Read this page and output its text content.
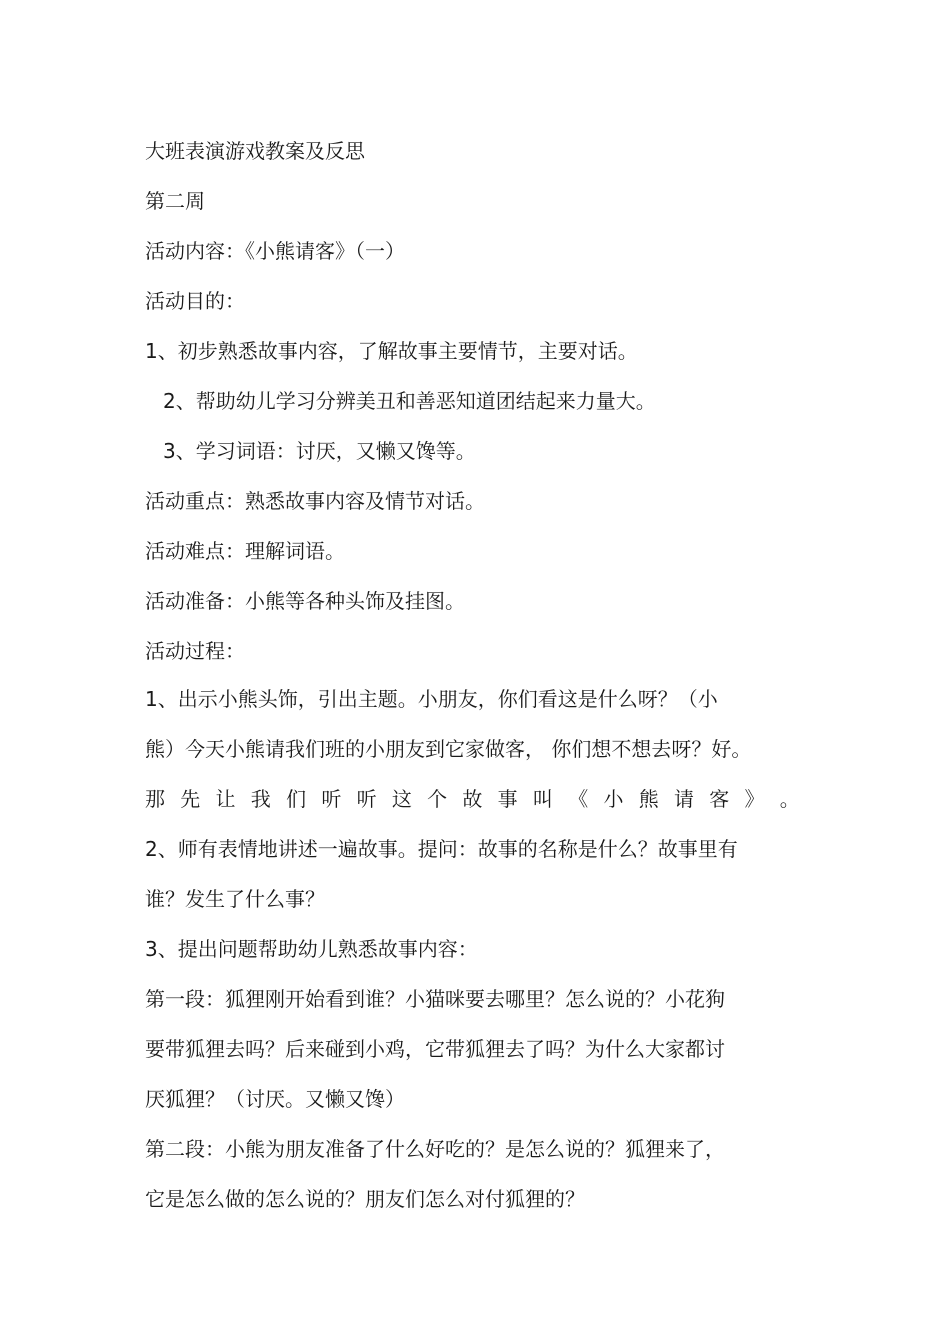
大班表演游戏教案及反思
第二周
活动内容：《小熊请客》（一）
活动目的：
1、初步熟悉故事内容，了解故事主要情节，主要对话。
2、帮助幼儿学习分辨美丑和善恶知道团结起来力量大。
3、学习词语：讨厌，又懒又馋等。
活动重点：熟悉故事内容及情节对话。
活动难点：理解词语。
活动准备：小熊等各种头饰及挂图。
活动过程：
1、出示小熊头饰，引出主题。小朋友，你们看这是什么呀？（小
熊）今天小熊请我们班的小朋友到它家做客， 你们想不想去呀？好。
那 先 让 我 们 听 听 这 个 故 事 叫 《 小 熊 请 客 》 。
2、师有表情地讲述一遍故事。提问：故事的名称是什么？故事里有
谁？发生了什么事？
3、提出问题帮助幼儿熟悉故事内容：
第一段：狐狸刚开始看到谁？小猫咪要去哪里？怎么说的？小花狗
要带狐狸去吗？后来碰到小鸡，它带狐狸去了吗？为什么大家都讨
厌狐狸？（讨厌。又懒又馋）
第二段：小熊为朋友准备了什么好吃的？是怎么说的？狐狸来了，
它是怎么做的怎么说的？朋友们怎么对付狐狸的？
